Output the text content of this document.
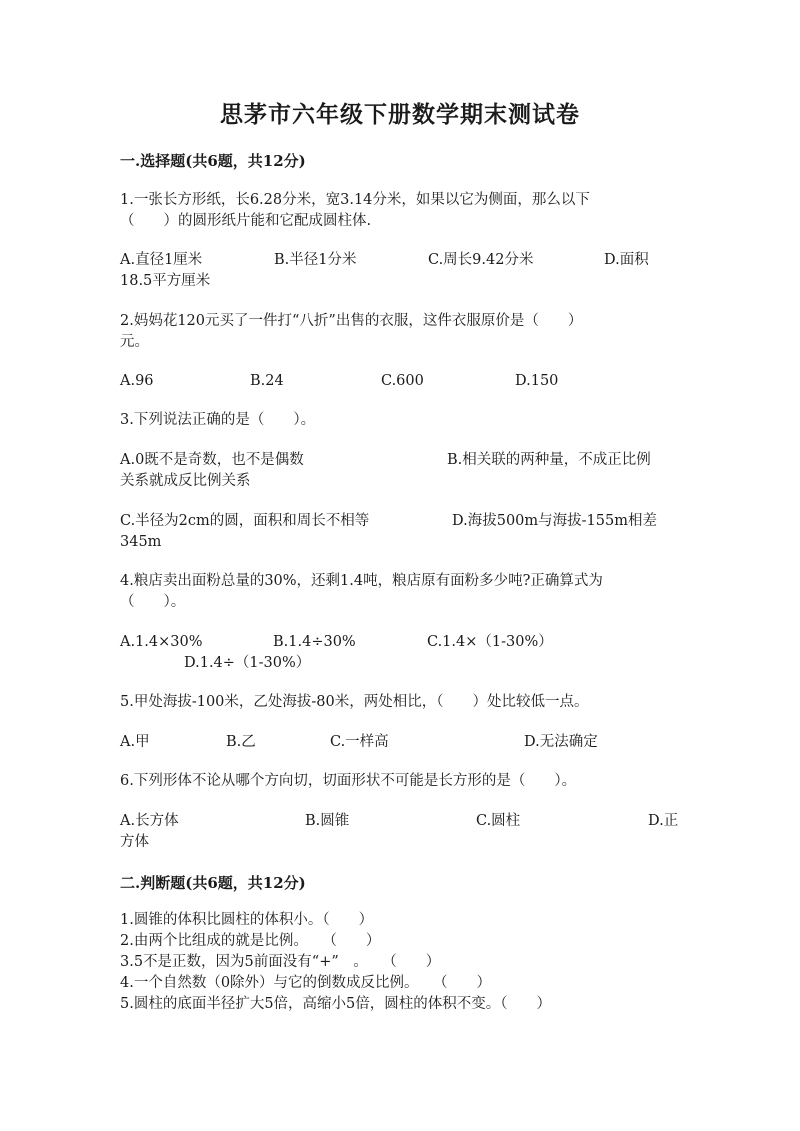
思茅市六年级下册数学期末测试卷
一.选择题(共6题，共12分)
1.一张长方形纸，长6.28分米，宽3.14分米，如果以它为侧面，那么以下
（　　）的圆形纸片能和它配成圆柱体.
A.直径1厘米	B.半径1分米	C.周长9.42分米	D.面积
18.5平方厘米
2.妈妈花120元买了一件打“八折”出售的衣服，这件衣服原价是（　　）
元。
A.96	B.24	C.600	D.150
3.下列说法正确的是（　　）。
A.0既不是奇数，也不是偶数	B.相关联的两种量，不成正比例
关系就成反比例关系
C.半径为2cm的圆，面积和周长不相等	D.海拔500m与海拔-155m相差
345m
4.粮店卖出面粉总量的30%，还剩1.4吨，粮店原有面粉多少吨?正确算式为
（　　）。
A.1.4×30%	B.1.4÷30%	C.1.4×（1-30%）
D.1.4÷（1-30%）
5.甲处海拔-100米，乙处海拔-80米，两处相比，（　　）处比较低一点。
A.甲	B.乙	C.一样高	D.无法确定
6.下列形体不论从哪个方向切，切面形状不可能是长方形的是（　　）。
A.长方体	B.圆锥	C.圆柱	D.正
方体
二.判断题(共6题，共12分)
1.圆锥的体积比圆柱的体积小。（　　）
2.由两个比组成的就是比例。　　（　　）
3.5不是正数，因为5前面没有“+”　。　　（　　）
4.一个自然数（0除外）与它的倒数成反比例。　　（　　）
5.圆柱的底面半径扩大5倍，高缩小5倍，圆柱的体积不变。（　　）
